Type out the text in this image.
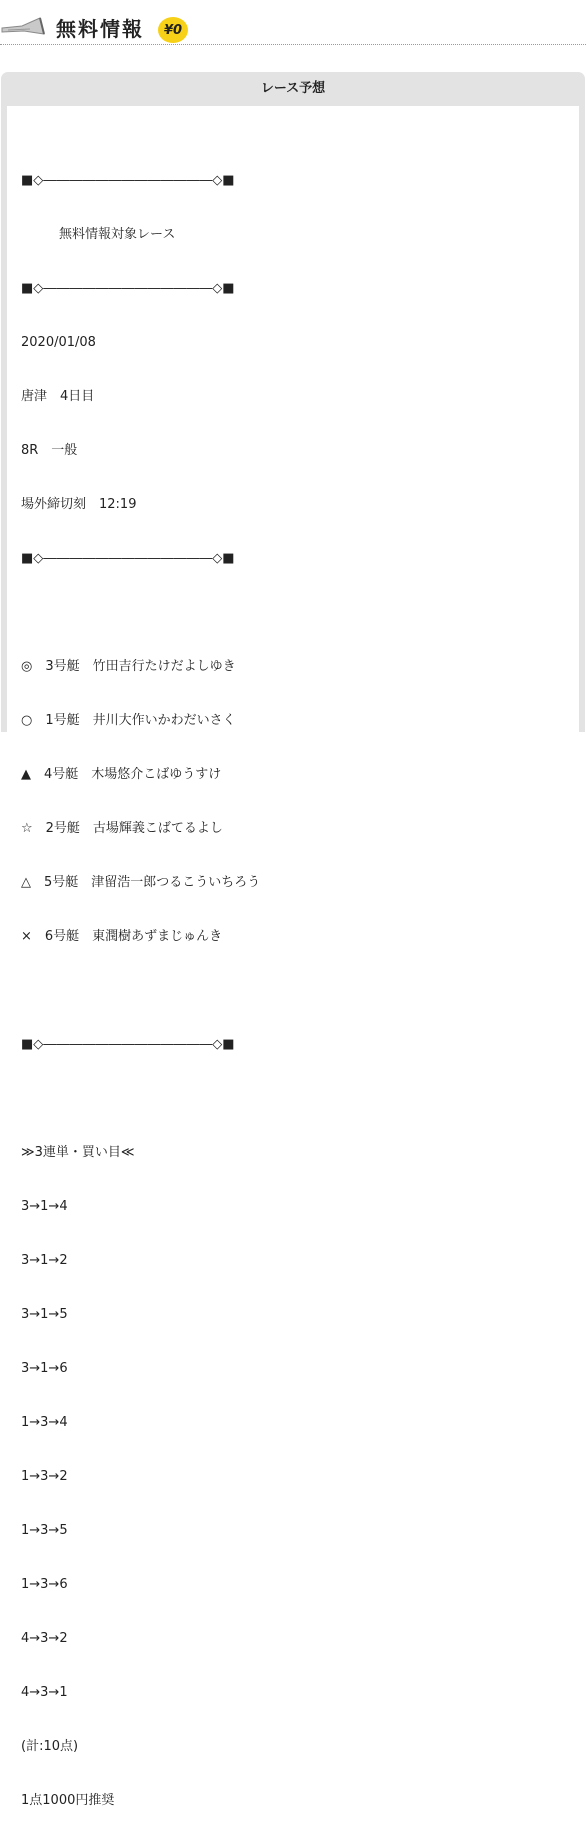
無料情報	¥0
レース予想

■◇―――――――――――――◇■

無料情報対象レース

■◇―――――――――――――◇■

2020/01/08

唐津　4日目

8R　一般

場外締切刻　12:19

■◇―――――――――――――◇■

◎　3号艇　竹田吉行たけだよしゆき

○　1号艇　井川大作いかわだいさく

▲　4号艇　木場悠介こばゆうすけ

☆　2号艇　古場輝義こばてるよし

△　5号艇　津留浩一郎つるこういちろう

×　6号艇　東潤樹あずまじゅんき

■◇―――――――――――――◇■

≫3連単・買い目≪

3→1→4

3→1→2

3→1→5

3→1→6

1→3→4

1→3→2

1→3→5

1→3→6

4→3→2

4→3→1

(計:10点)

1点1000円推奨
